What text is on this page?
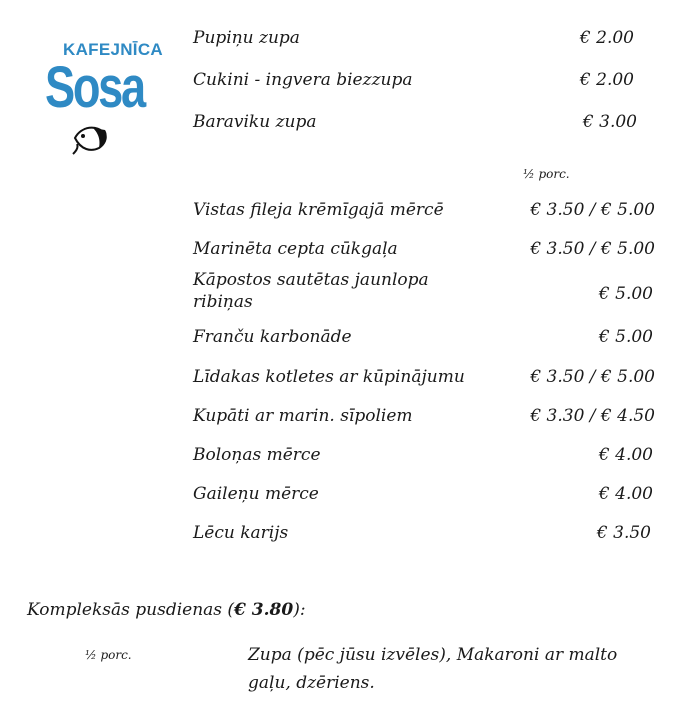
KAFEJNĪCA
Sosa
Pupiņu zupa	€ 2.00
Cukini - ingvera biezzupa	€ 2.00
Baraviku zupa	€ 3.00
½ porc.
Vistas fileja krēmīgajā mērcē	€ 3.50 / € 5.00
Marinēta cepta cūkgaļa	€ 3.50 / € 5.00
Kāpostos sautētas jaunlopa ribiņas	€ 5.00
Franču karbonāde	€ 5.00
Līdakas kotletes ar kūpinājumu	€ 3.50 / € 5.00
Kupāti ar marin. sīpoliem	€ 3.30 / € 4.50
Boloņas mērce	€ 4.00
Gaileņu mērce	€ 4.00
Lēcu karijs	€ 3.50
Kompleksās pusdienas (€ 3.80):
½ porc.	Zupa (pēc jūsu izvēles), Makaroni ar malto gaļu, dzēriens.
